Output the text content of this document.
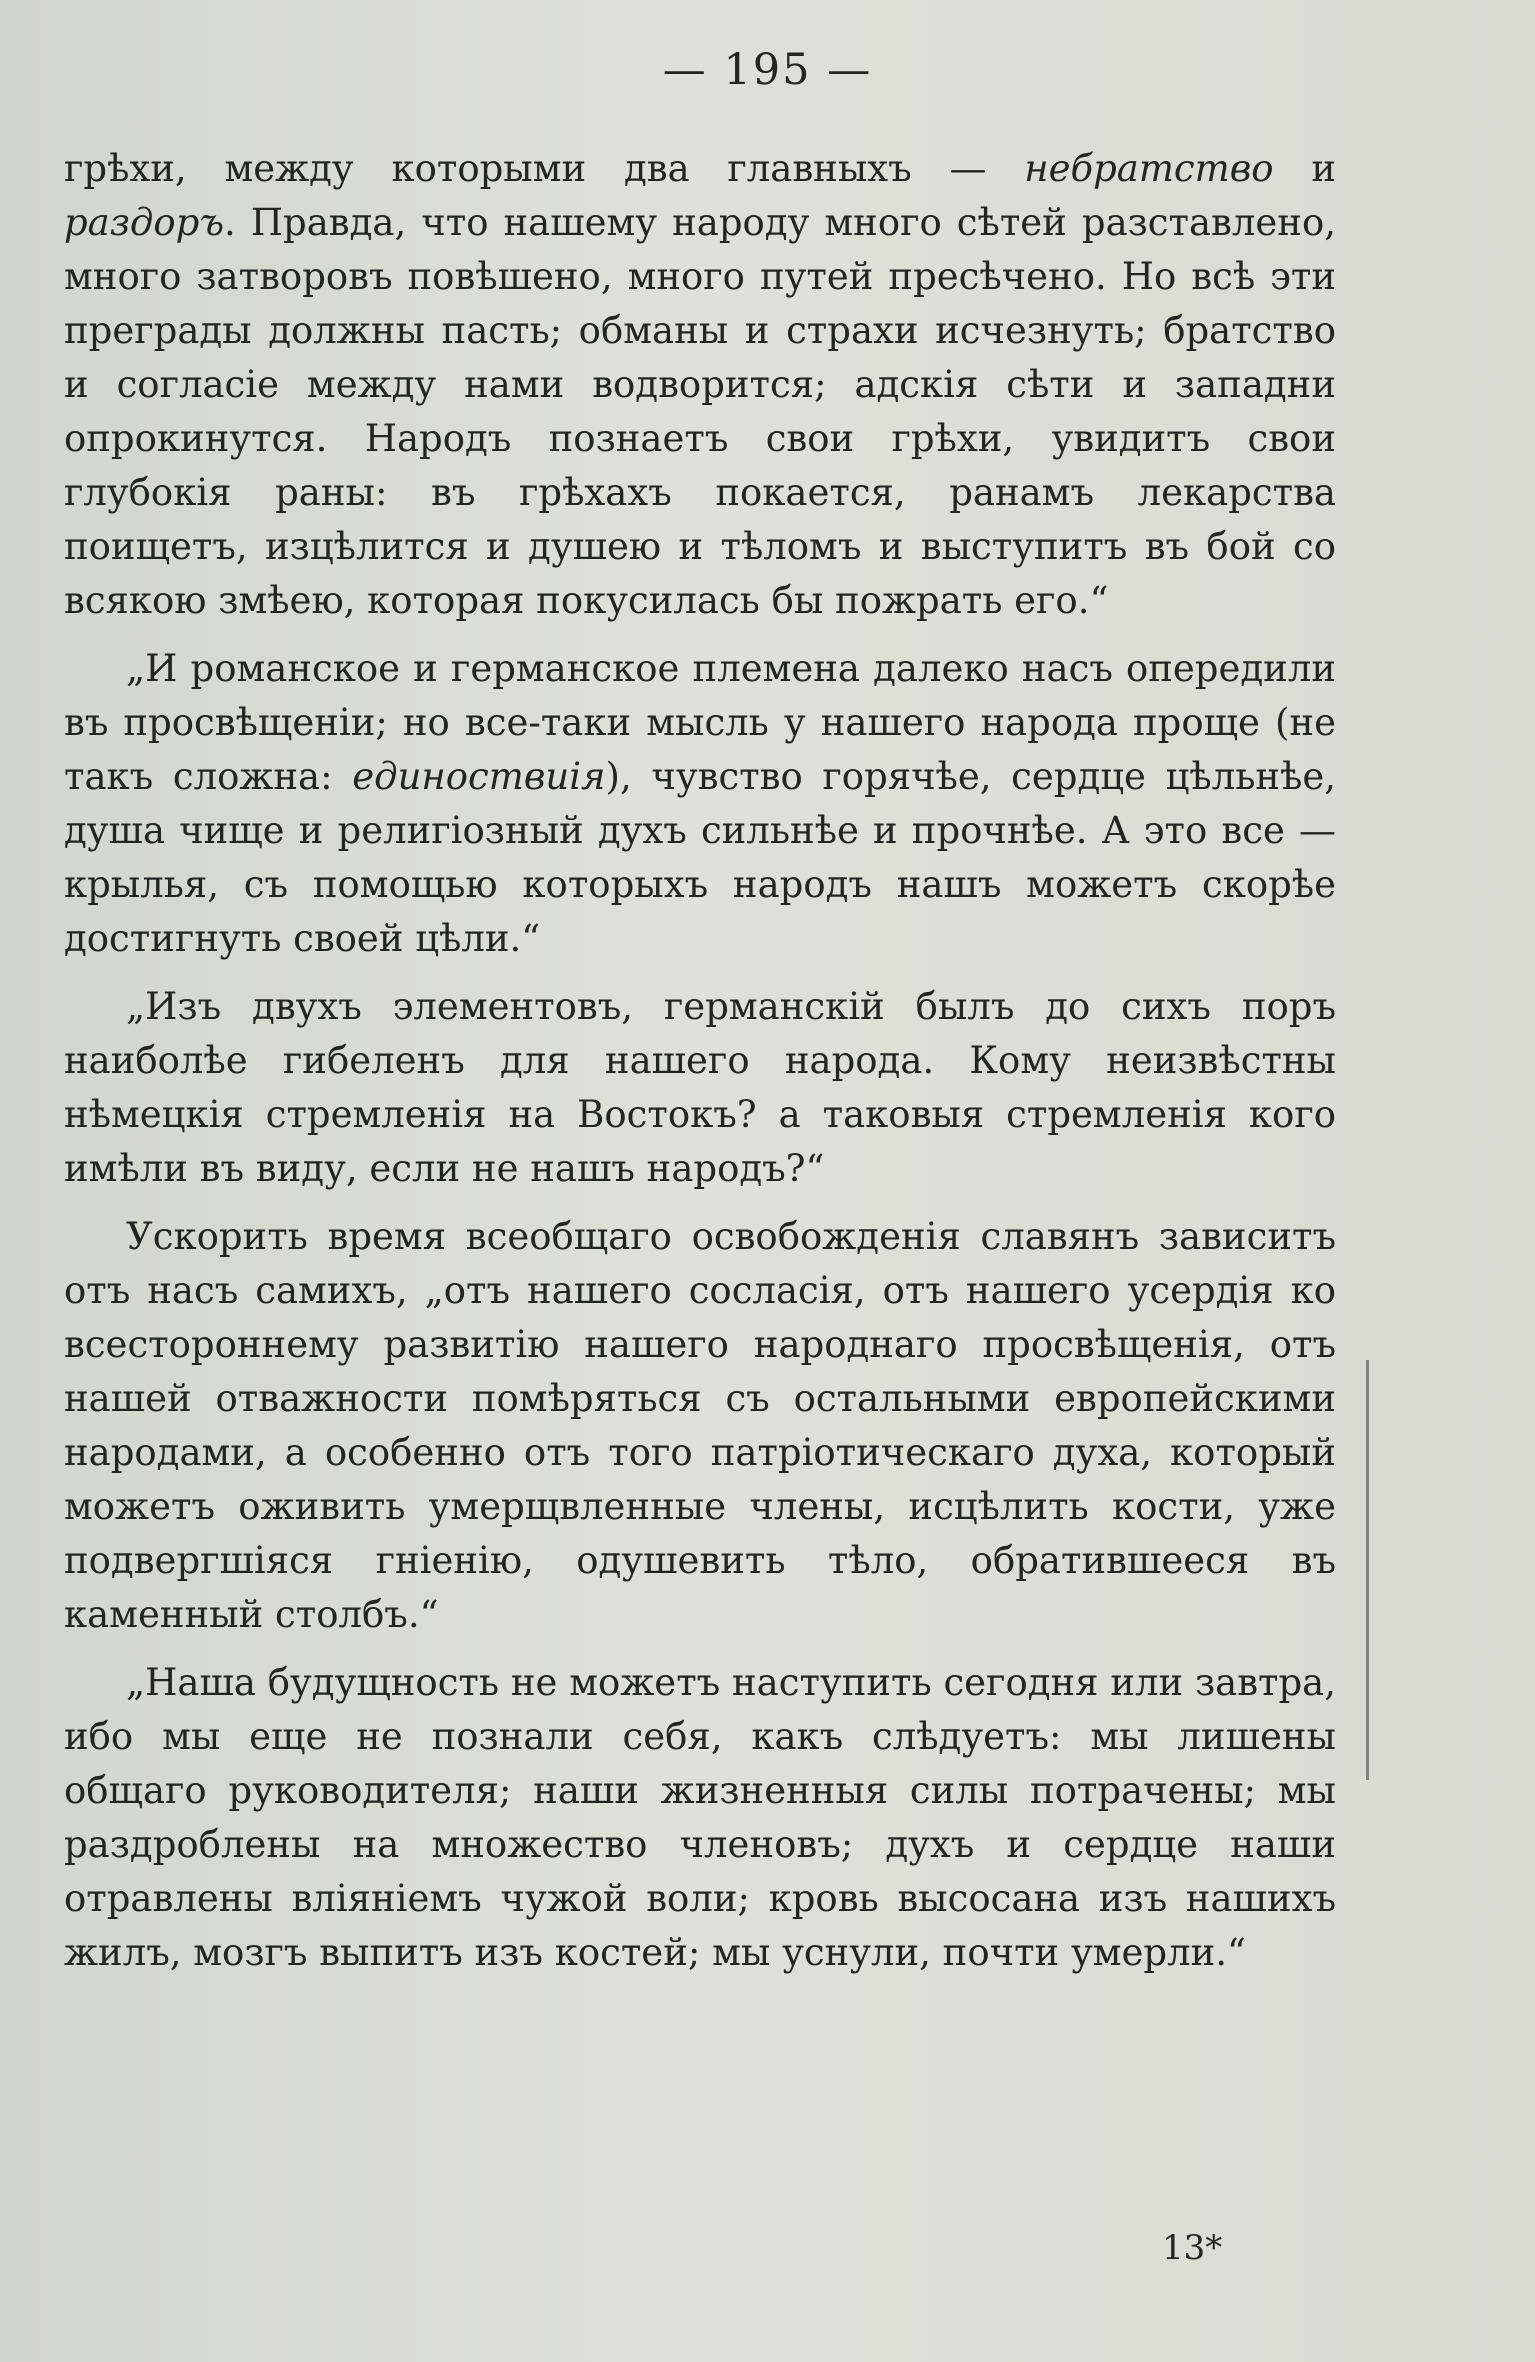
— 195 —

грѣхи, между которыми два главныхъ — небратство и раздоръ. Правда, что нашему народу много сѣтей разставлено, много затворовъ повѣшено, много путей пресѣчено. Но всѣ эти преграды должны пасть; обманы и страхи исчезнуть; братство и согласіе между нами водворится; адскія сѣти и западни опрокинутся. Народъ познаетъ свои грѣхи, увидитъ свои глубокія раны: въ грѣхахъ покается, ранамъ лекарства поищетъ, изцѣлится и душею и тѣломъ и выступитъ въ бой со всякою змѣею, которая покусилась бы пожрать его.“

„И романское и германское племена далеко насъ опередили въ просвѣщеніи; но все-таки мысль у нашего народа проще (не такъ сложна: единоствиія), чувство горячѣе, сердце цѣльнѣе, душа чище и религіозный духъ сильнѣе и прочнѣе. А это все — крылья, съ помощью которыхъ народъ нашъ можетъ скорѣе достигнуть своей цѣли.“

„Изъ двухъ элементовъ, германскій былъ до сихъ поръ наиболѣе гибеленъ для нашего народа. Кому неизвѣстны нѣмецкія стремленія на Востокъ? а таковыя стремленія кого имѣли въ виду, если не нашъ народъ?“

Ускорить время всеобщаго освобожденія славянъ зависитъ отъ насъ самихъ, „отъ нашего сосласія, отъ нашего усердія ко всестороннему развитію нашего народнаго просвѣщенія, отъ нашей отважности помѣряться съ остальными европейскими народами, а особенно отъ того патріотическаго духа, который можетъ оживить умерщвленные члены, исцѣлить кости, уже подвергшіяся гніенію, одушевить тѣло, обратившееся въ каменный столбъ.“

„Наша будущность не можетъ наступить сегодня или завтра, ибо мы еще не познали себя, какъ слѣдуетъ: мы лишены общаго руководителя; наши жизненныя силы потрачены; мы раздроблены на множество членовъ; духъ и сердце наши отравлены вліяніемъ чужой воли; кровь высосана изъ нашихъ жилъ, мозгъ выпитъ изъ костей; мы уснули, почти умерли.“

13*
